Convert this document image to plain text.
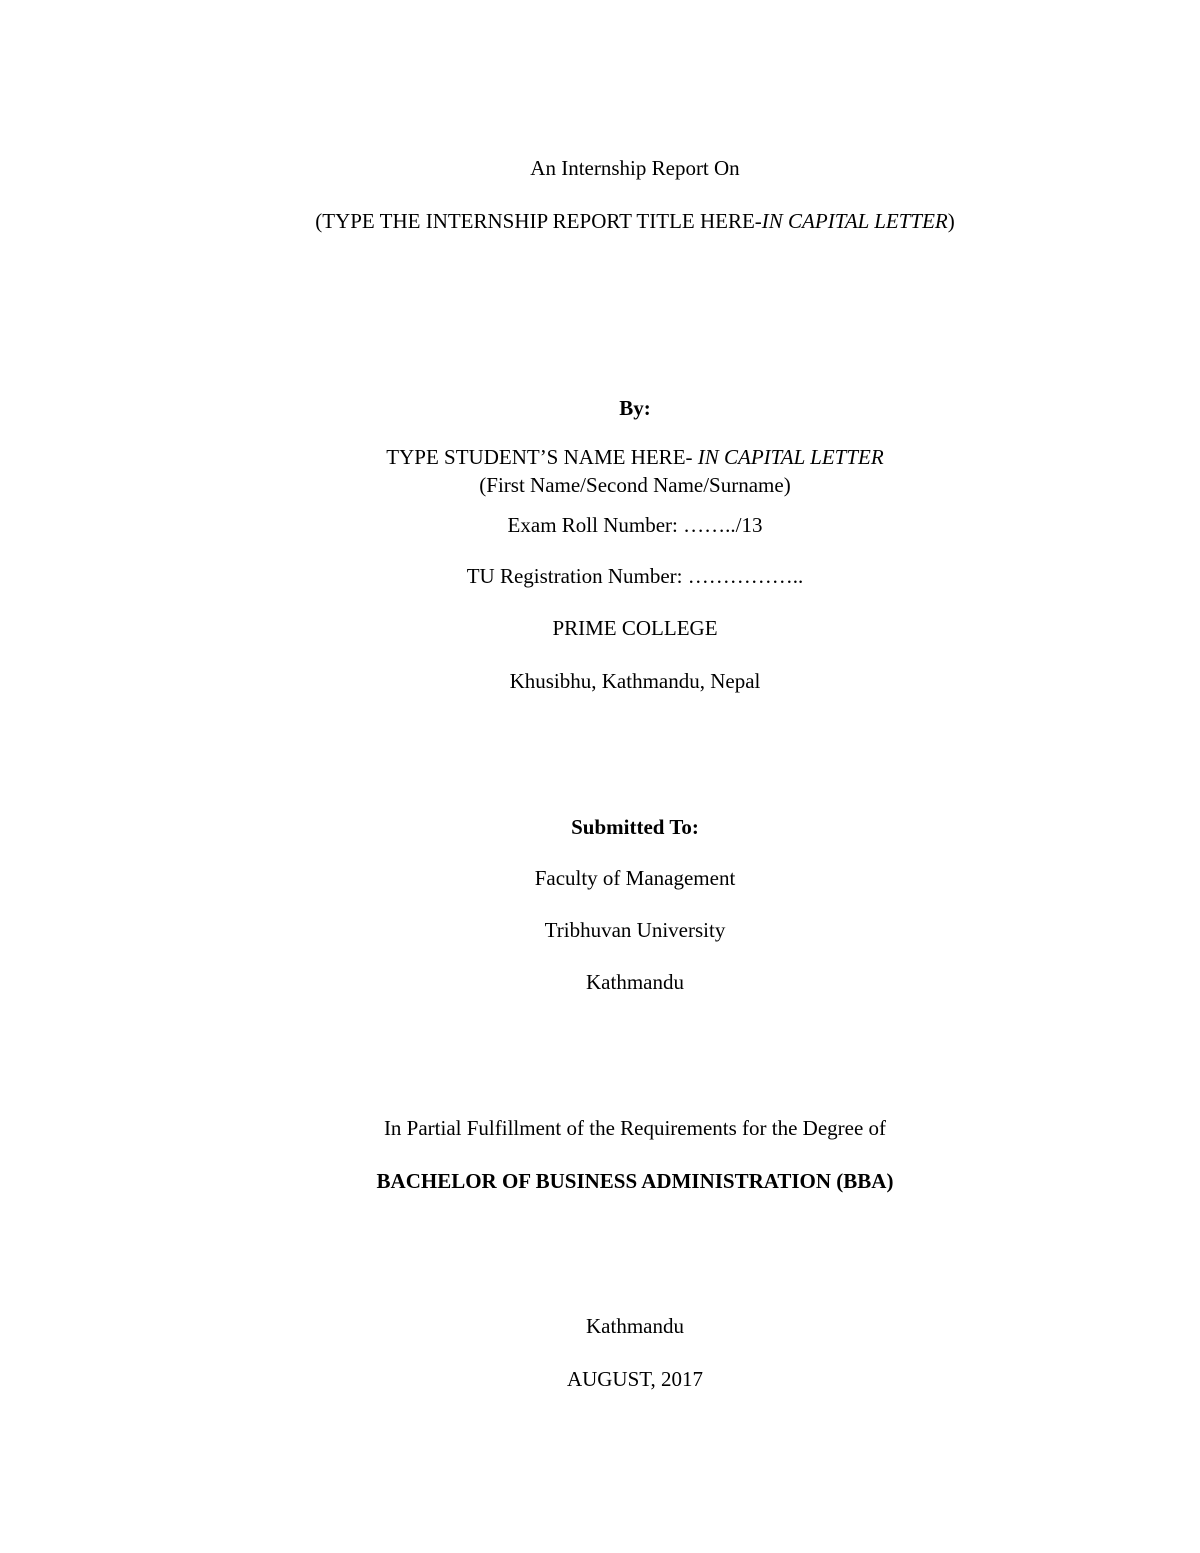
An Internship Report On
(TYPE THE INTERNSHIP REPORT TITLE HERE-IN CAPITAL LETTER)
By:
TYPE STUDENT’S NAME HERE- IN CAPITAL LETTER
(First Name/Second Name/Surname)
Exam Roll Number: ……../13
TU Registration Number: ……………..
PRIME COLLEGE
Khusibhu, Kathmandu, Nepal
Submitted To:
Faculty of Management
Tribhuvan University
Kathmandu
In Partial Fulfillment of the Requirements for the Degree of
BACHELOR OF BUSINESS ADMINISTRATION (BBA)
Kathmandu
AUGUST, 2017
